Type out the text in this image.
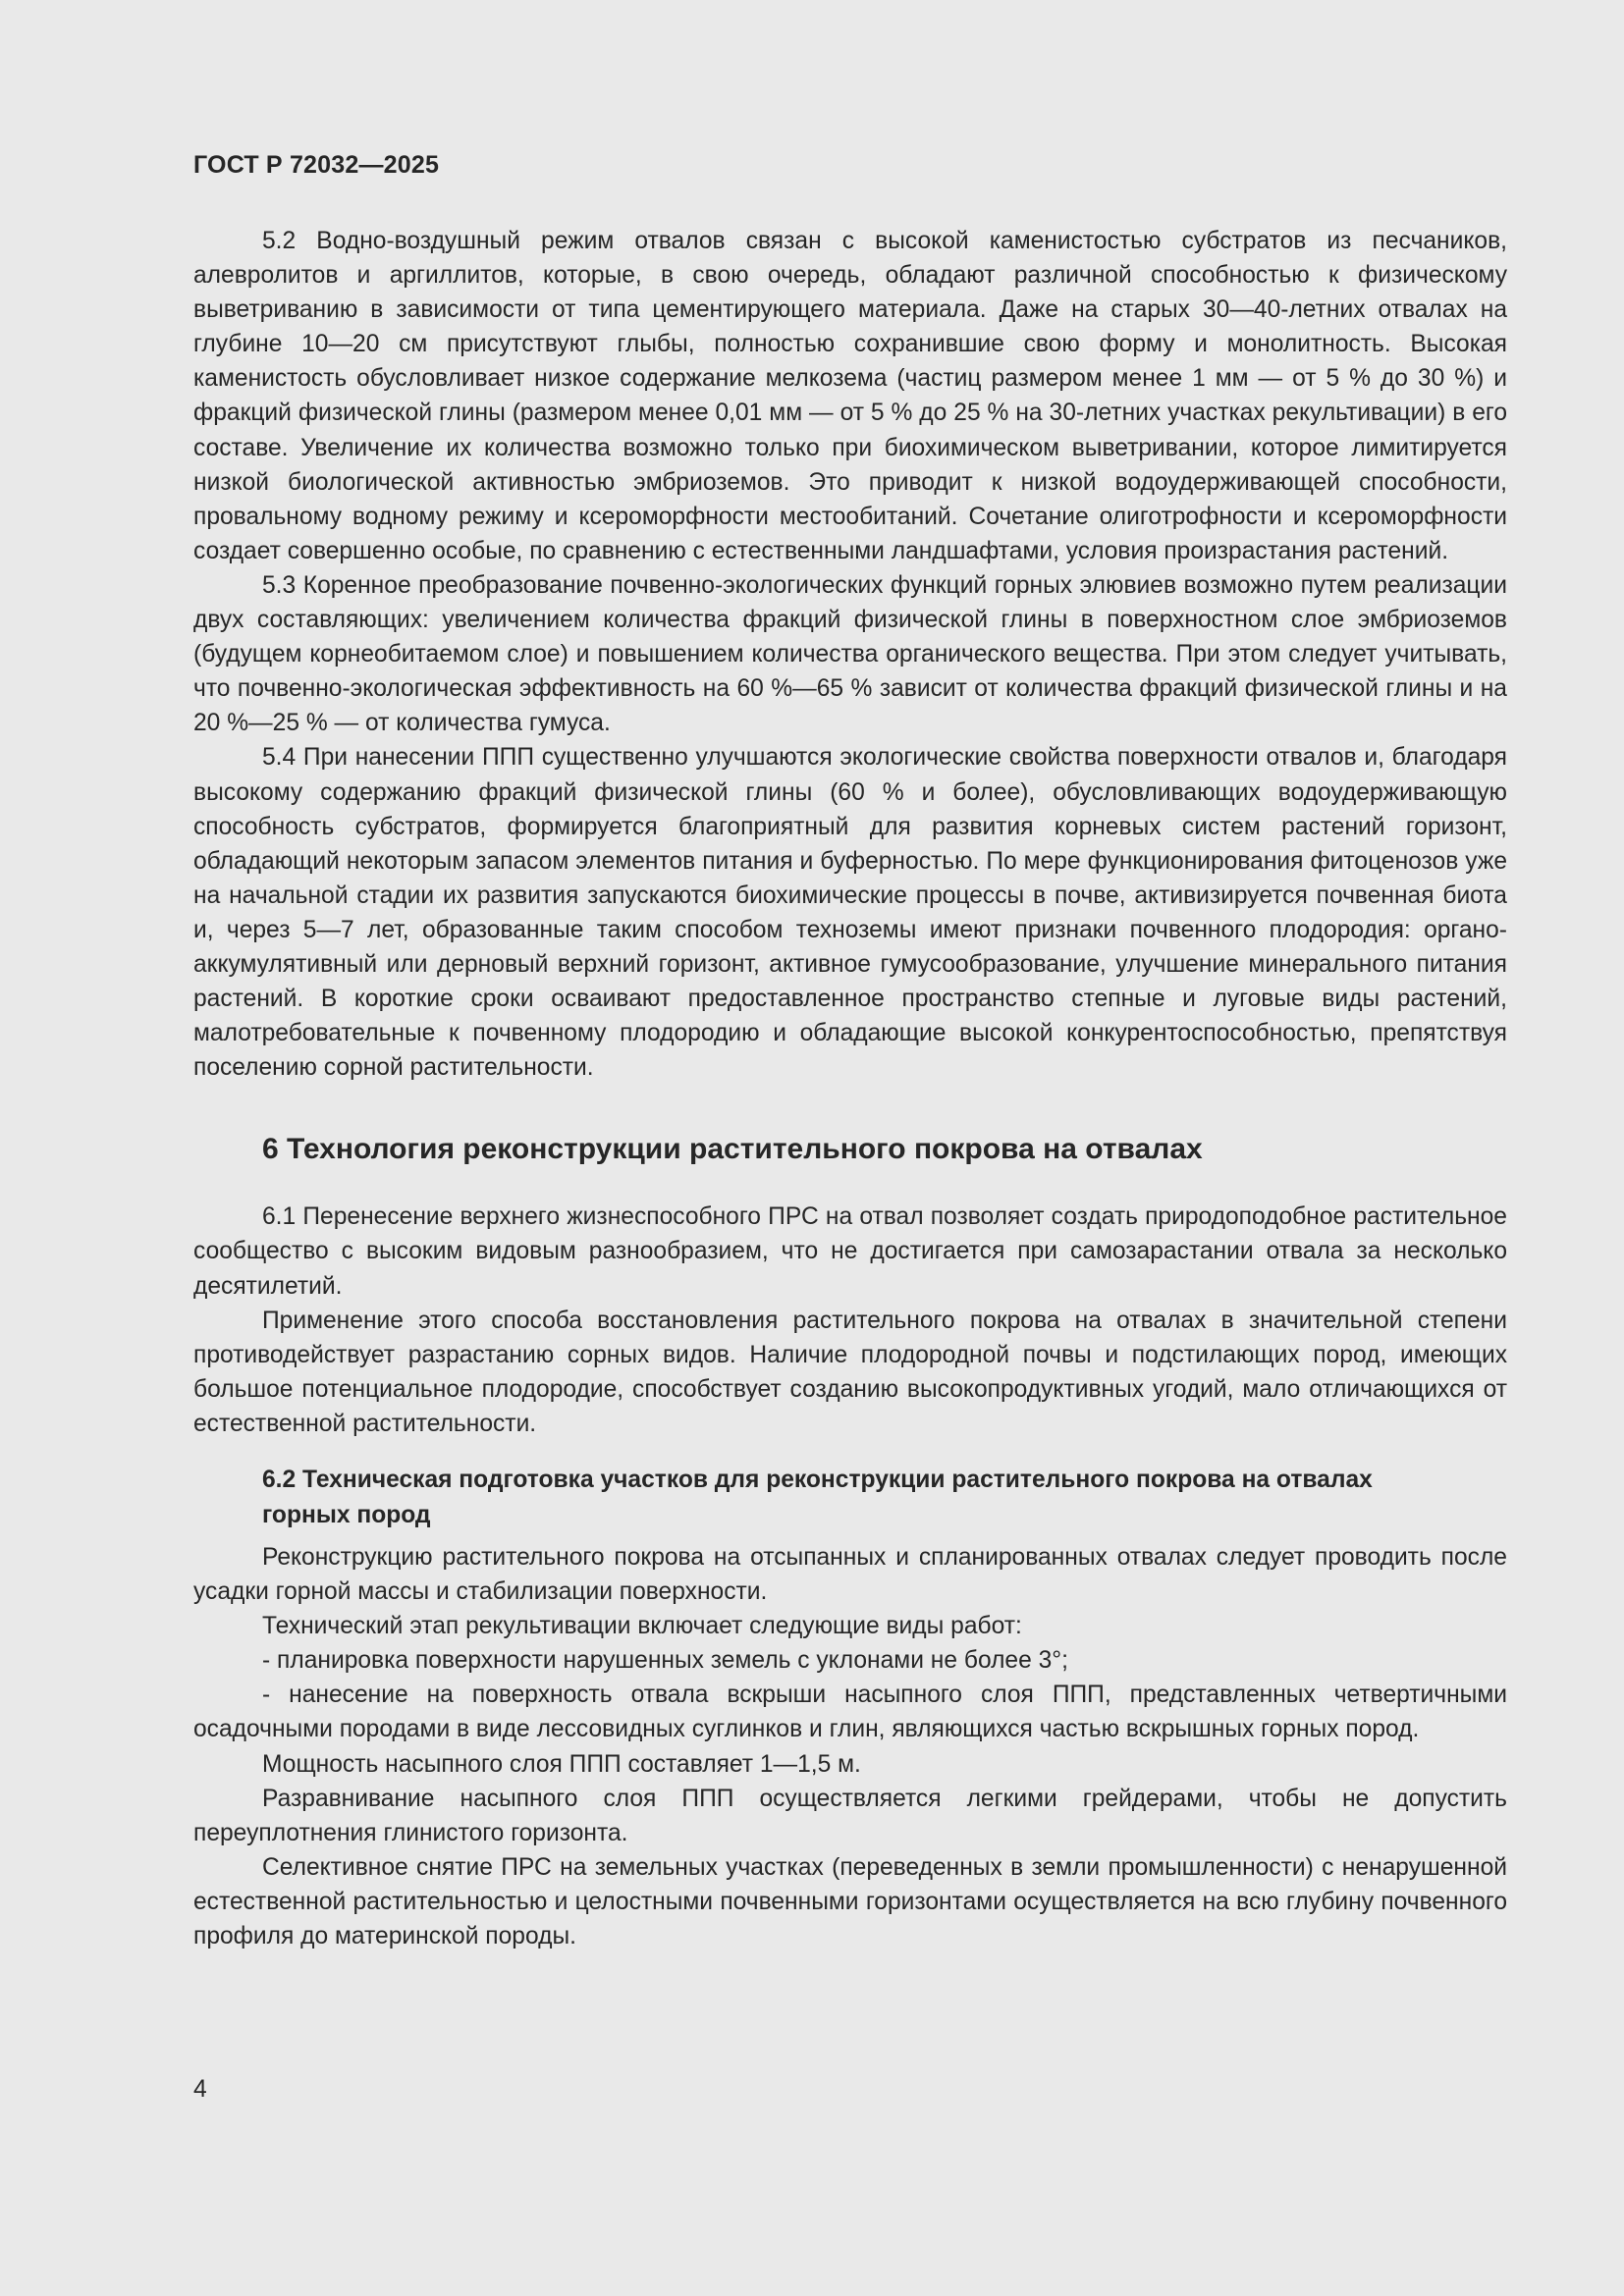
ГОСТ Р 72032—2025

5.2 Водно-воздушный режим отвалов связан с высокой каменистостью субстратов из песчаников, алевролитов и аргиллитов, которые, в свою очередь, обладают различной способностью к физическому выветриванию в зависимости от типа цементирующего материала. Даже на старых 30—40-летних отвалах на глубине 10—20 см присутствуют глыбы, полностью сохранившие свою форму и монолитность. Высокая каменистость обусловливает низкое содержание мелкозема (частиц размером менее 1 мм — от 5 % до 30 %) и фракций физической глины (размером менее 0,01 мм — от 5 % до 25 % на 30-летних участках рекультивации) в его составе. Увеличение их количества возможно только при биохимическом выветривании, которое лимитируется низкой биологической активностью эмбриоземов. Это приводит к низкой водоудерживающей способности, провальному водному режиму и ксероморфности местообитаний. Сочетание олиготрофности и ксероморфности создает совершенно особые, по сравнению с естественными ландшафтами, условия произрастания растений.

5.3 Коренное преобразование почвенно-экологических функций горных элювиев возможно путем реализации двух составляющих: увеличением количества фракций физической глины в поверхностном слое эмбриоземов (будущем корнеобитаемом слое) и повышением количества органического вещества. При этом следует учитывать, что почвенно-экологическая эффективность на 60 %—65 % зависит от количества фракций физической глины и на 20 %—25 % — от количества гумуса.

5.4 При нанесении ППП существенно улучшаются экологические свойства поверхности отвалов и, благодаря высокому содержанию фракций физической глины (60 % и более), обусловливающих водоудерживающую способность субстратов, формируется благоприятный для развития корневых систем растений горизонт, обладающий некоторым запасом элементов питания и буферностью. По мере функционирования фитоценозов уже на начальной стадии их развития запускаются биохимические процессы в почве, активизируется почвенная биота и, через 5—7 лет, образованные таким способом техноземы имеют признаки почвенного плодородия: органо-аккумулятивный или дерновый верхний горизонт, активное гумусообразование, улучшение минерального питания растений. В короткие сроки осваивают предоставленное пространство степные и луговые виды растений, малотребовательные к почвенному плодородию и обладающие высокой конкурентоспособностью, препятствуя поселению сорной растительности.

6 Технология реконструкции растительного покрова на отвалах

6.1 Перенесение верхнего жизнеспособного ПРС на отвал позволяет создать природоподобное растительное сообщество с высоким видовым разнообразием, что не достигается при самозарастании отвала за несколько десятилетий.

Применение этого способа восстановления растительного покрова на отвалах в значительной степени противодействует разрастанию сорных видов. Наличие плодородной почвы и подстилающих пород, имеющих большое потенциальное плодородие, способствует созданию высокопродуктивных угодий, мало отличающихся от естественной растительности.

6.2 Техническая подготовка участков для реконструкции растительного покрова на отвалах горных пород

Реконструкцию растительного покрова на отсыпанных и спланированных отвалах следует проводить после усадки горной массы и стабилизации поверхности.

Технический этап рекультивации включает следующие виды работ:

- планировка поверхности нарушенных земель с уклонами не более 3°;

- нанесение на поверхность отвала вскрыши насыпного слоя ППП, представленных четвертичными осадочными породами в виде лессовидных суглинков и глин, являющихся частью вскрышных горных пород.

Мощность насыпного слоя ППП составляет 1—1,5 м.

Разравнивание насыпного слоя ППП осуществляется легкими грейдерами, чтобы не допустить переуплотнения глинистого горизонта.

Селективное снятие ПРС на земельных участках (переведенных в земли промышленности) с ненарушенной естественной растительностью и целостными почвенными горизонтами осуществляется на всю глубину почвенного профиля до материнской породы.

4
